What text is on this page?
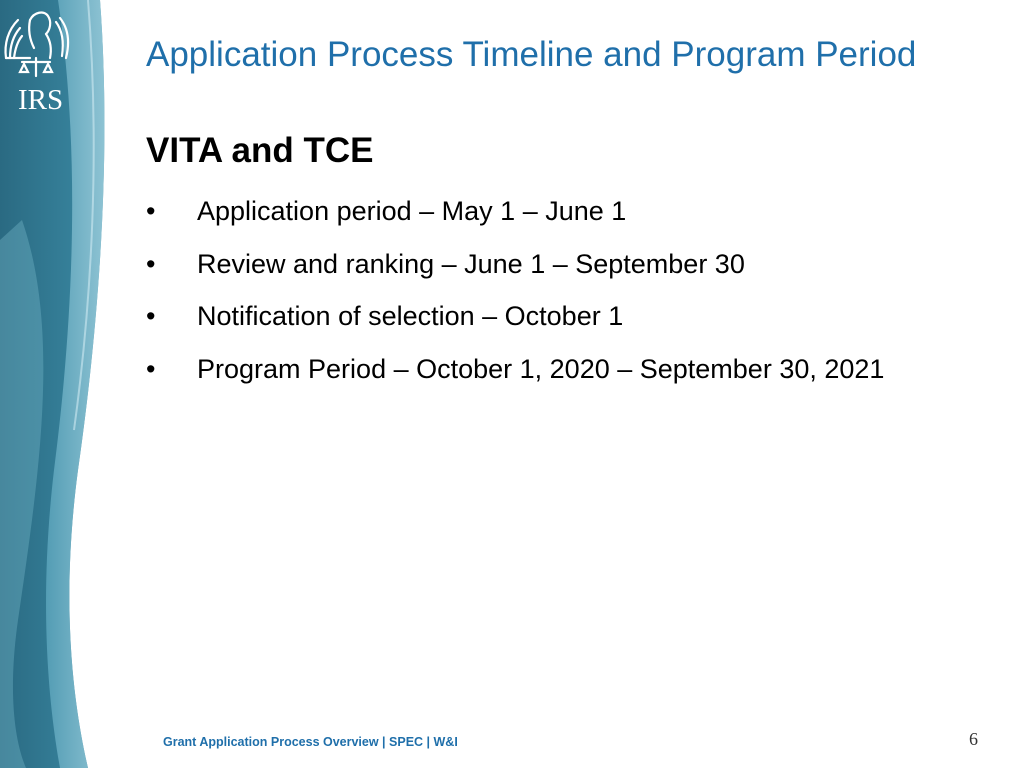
IRS
Application Process Timeline and Program Period
VITA and TCE
•	Application period – May 1 – June 1
•	Review and ranking – June 1 – September 30
•	Notification of selection – October 1
•	Program Period – October 1, 2020 – September 30, 2021
Grant Application Process Overview | SPEC | W&I	6
